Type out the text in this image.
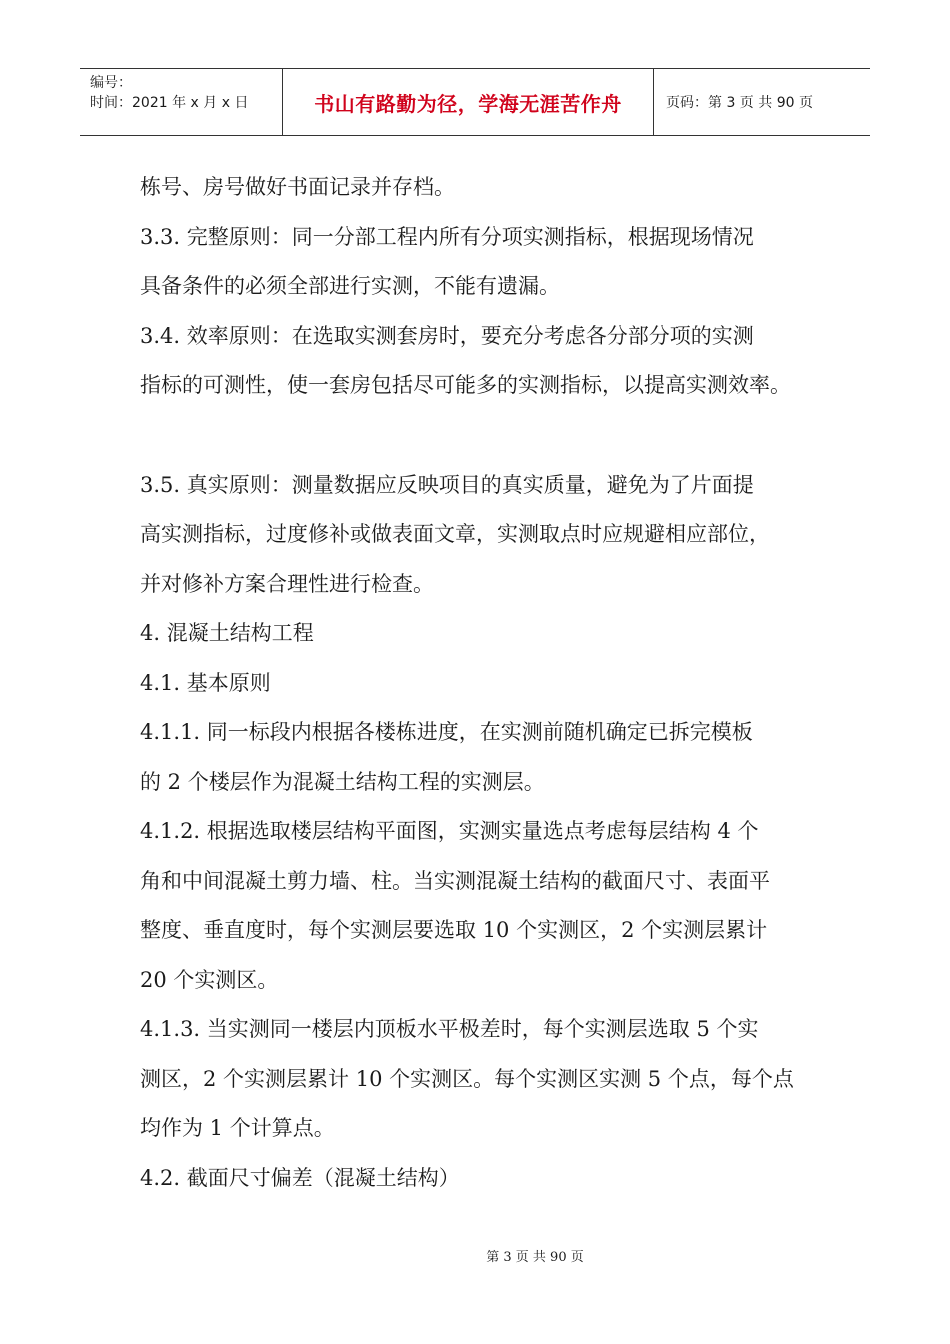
编号：
时间：2021 年 x 月 x 日	书山有路勤为径，学海无涯苦作舟	页码：第 3 页 共 90 页
栋号、房号做好书面记录并存档。
3.3. 完整原则：同一分部工程内所有分项实测指标，根据现场情况
具备条件的必须全部进行实测，不能有遗漏。
3.4. 效率原则：在选取实测套房时，要充分考虑各分部分项的实测
指标的可测性，使一套房包括尽可能多的实测指标，以提高实测效率。
3.5. 真实原则：测量数据应反映项目的真实质量，避免为了片面提
高实测指标，过度修补或做表面文章，实测取点时应规避相应部位，
并对修补方案合理性进行检查。
4. 混凝土结构工程
4.1. 基本原则
4.1.1. 同一标段内根据各楼栋进度，在实测前随机确定已拆完模板
的 2 个楼层作为混凝土结构工程的实测层。
4.1.2. 根据选取楼层结构平面图，实测实量选点考虑每层结构 4 个
角和中间混凝土剪力墙、柱。当实测混凝土结构的截面尺寸、表面平
整度、垂直度时，每个实测层要选取 10 个实测区，2 个实测层累计
20 个实测区。
4.1.3. 当实测同一楼层内顶板水平极差时，每个实测层选取 5 个实
测区，2 个实测层累计 10 个实测区。每个实测区实测 5 个点，每个点
均作为 1 个计算点。
4.2. 截面尺寸偏差（混凝土结构）
第 3 页 共 90 页
